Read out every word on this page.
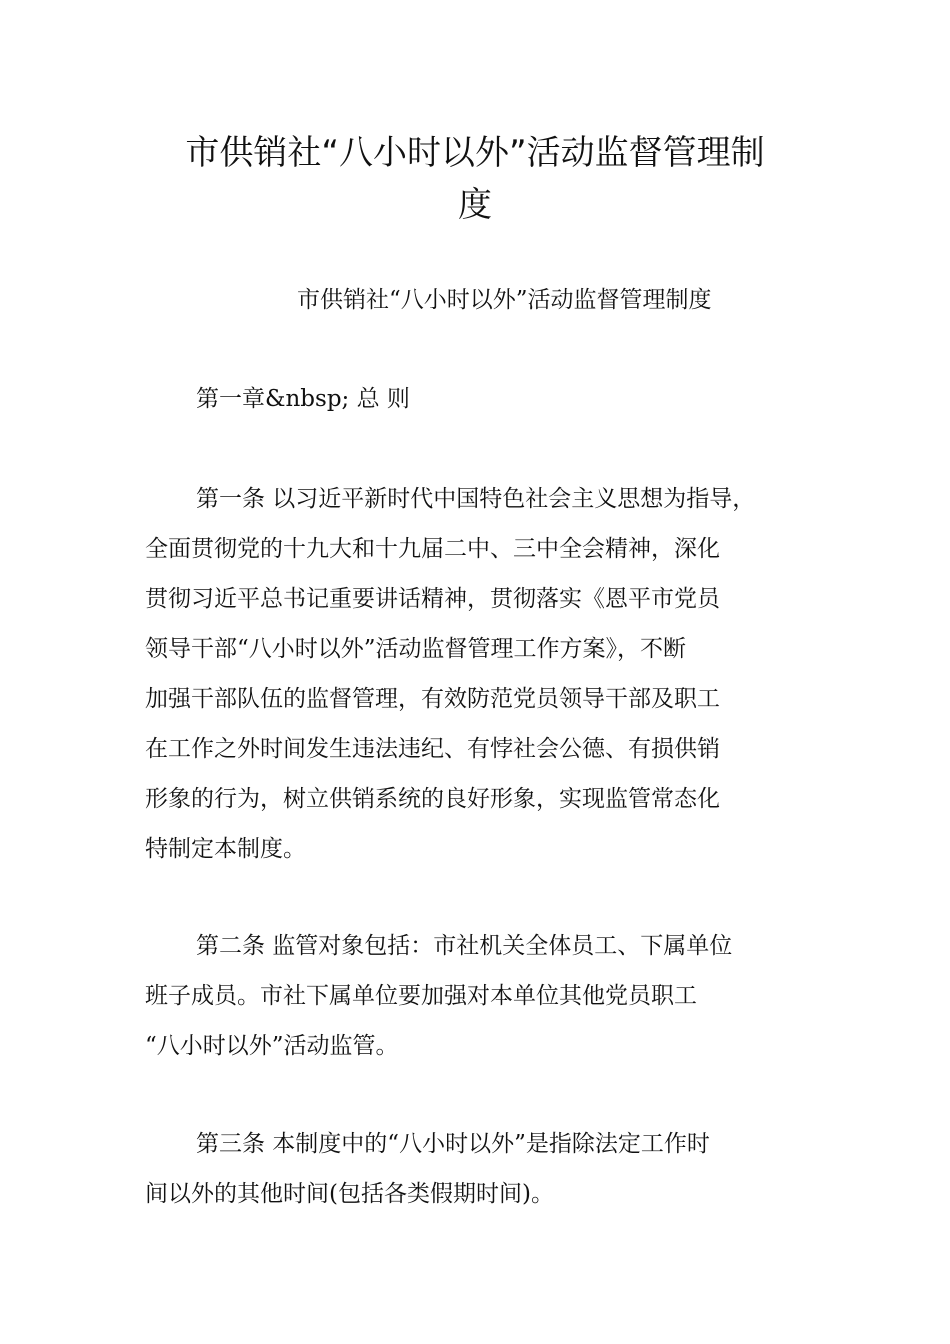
市供销社“八小时以外”活动监督管理制
度

市供销社“八小时以外”活动监督管理制度

第一章&nbsp; 总 则

第一条 以习近平新时代中国特色社会主义思想为指导，
全面贯彻党的十九大和十九届二中、三中全会精神，深化
贯彻习近平总书记重要讲话精神，贯彻落实《恩平市党员
领导干部“八小时以外”活动监督管理工作方案》，不断
加强干部队伍的监督管理，有效防范党员领导干部及职工
在工作之外时间发生违法违纪、有悖社会公德、有损供销
形象的行为，树立供销系统的良好形象，实现监管常态化
特制定本制度。
第二条 监管对象包括：市社机关全体员工、下属单位
班子成员。市社下属单位要加强对本单位其他党员职工
“八小时以外”活动监管。
第三条 本制度中的“八小时以外”是指除法定工作时
间以外的其他时间(包括各类假期时间)。
